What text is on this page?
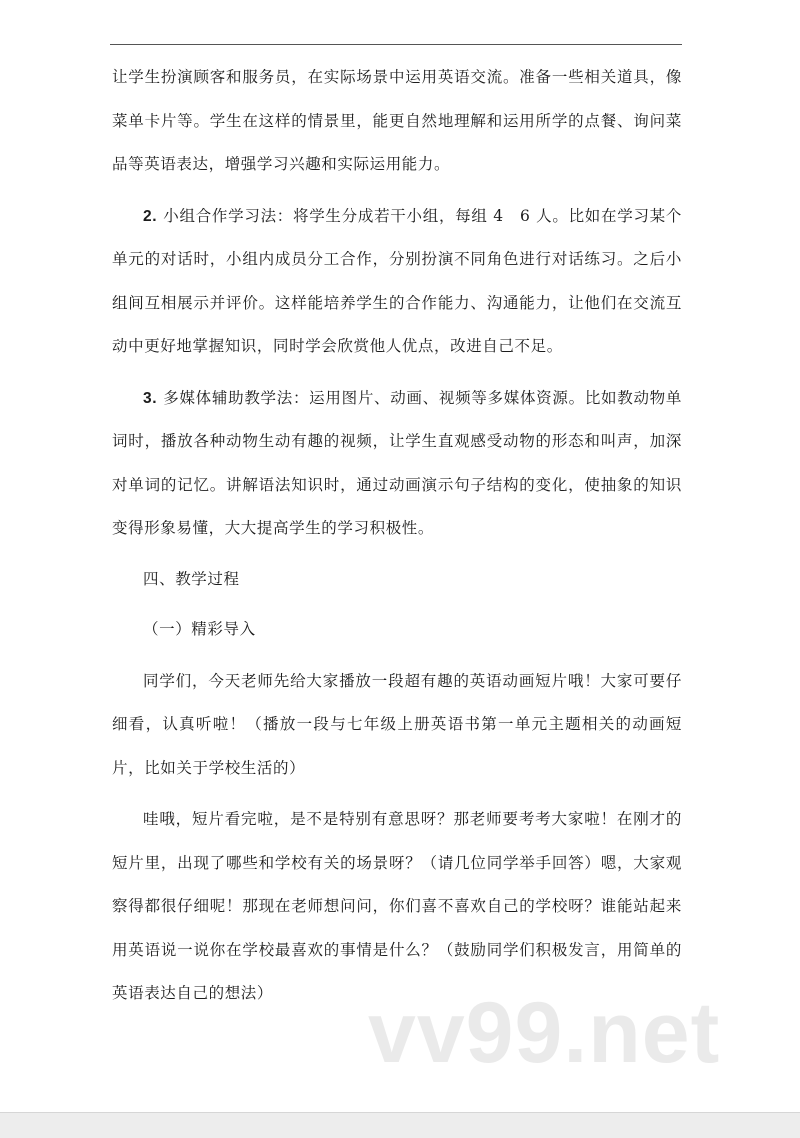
让学生扮演顾客和服务员，在实际场景中运用英语交流。准备一些相关道具，像菜单卡片等。学生在这样的情景里，能更自然地理解和运用所学的点餐、询问菜品等英语表达，增强学习兴趣和实际运用能力。

2. 小组合作学习法：将学生分成若干小组，每组 4　6 人。比如在学习某个单元的对话时，小组内成员分工合作，分别扮演不同角色进行对话练习。之后小组间互相展示并评价。这样能培养学生的合作能力、沟通能力，让他们在交流互动中更好地掌握知识，同时学会欣赏他人优点，改进自己不足。

3. 多媒体辅助教学法：运用图片、动画、视频等多媒体资源。比如教动物单词时，播放各种动物生动有趣的视频，让学生直观感受动物的形态和叫声，加深对单词的记忆。讲解语法知识时，通过动画演示句子结构的变化，使抽象的知识变得形象易懂，大大提高学生的学习积极性。

四、教学过程

（一）精彩导入

同学们，今天老师先给大家播放一段超有趣的英语动画短片哦！大家可要仔细看，认真听啦！（播放一段与七年级上册英语书第一单元主题相关的动画短片，比如关于学校生活的）

哇哦，短片看完啦，是不是特别有意思呀？那老师要考考大家啦！在刚才的短片里，出现了哪些和学校有关的场景呀？（请几位同学举手回答）嗯，大家观察得都很仔细呢！那现在老师想问问，你们喜不喜欢自己的学校呀？谁能站起来用英语说一说你在学校最喜欢的事情是什么？（鼓励同学们积极发言，用简单的英语表达自己的想法）	vv99.net
